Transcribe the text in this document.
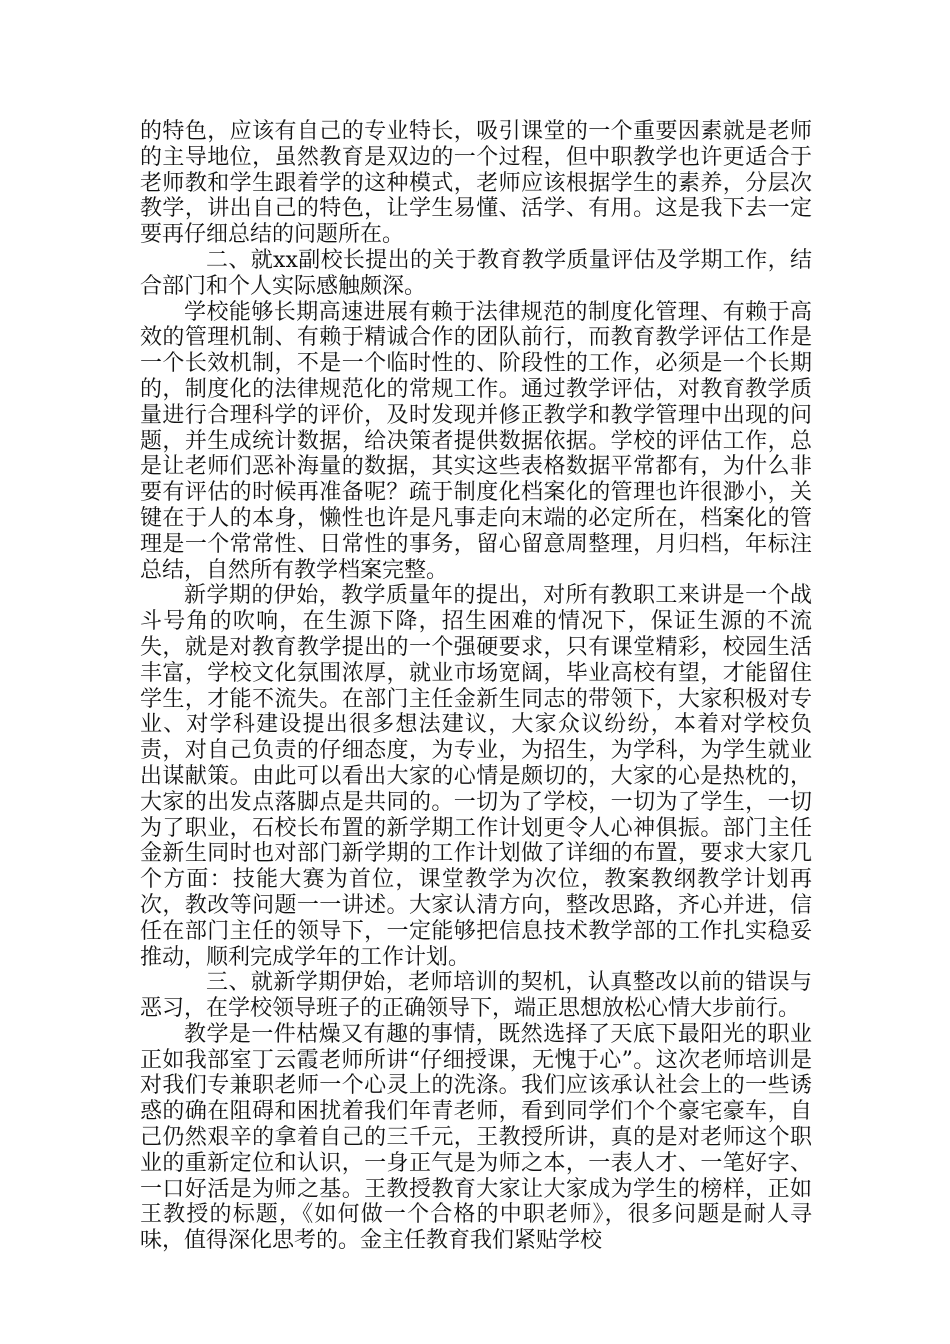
的特色，应该有自己的专业特长，吸引课堂的一个重要因素就是老师的主导地位，虽然教育是双边的一个过程，但中职教学也许更适合于老师教和学生跟着学的这种模式，老师应该根据学生的素养，分层次教学，讲出自己的特色，让学生易懂、活学、有用。这是我下去一定要再仔细总结的问题所在。

二、就xx副校长提出的关于教育教学质量评估及学期工作，结合部门和个人实际感触颇深。

学校能够长期高速进展有赖于法律规范的制度化管理、有赖于高效的管理机制、有赖于精诚合作的团队前行，而教育教学评估工作是一个长效机制，不是一个临时性的、阶段性的工作，必须是一个长期的，制度化的法律规范化的常规工作。通过教学评估，对教育教学质量进行合理科学的评价，及时发现并修正教学和教学管理中出现的问题，并生成统计数据，给决策者提供数据依据。学校的评估工作，总是让老师们恶补海量的数据，其实这些表格数据平常都有，为什么非要有评估的时候再准备呢？疏于制度化档案化的管理也许很渺小，关键在于人的本身，懒性也许是凡事走向末端的必定所在，档案化的管理是一个常常性、日常性的事务，留心留意周整理，月归档，年标注总结，自然所有教学档案完整。

新学期的伊始，教学质量年的提出，对所有教职工来讲是一个战斗号角的吹响，在生源下降，招生困难的情况下，保证生源的不流失，就是对教育教学提出的一个强硬要求，只有课堂精彩，校园生活丰富，学校文化氛围浓厚，就业市场宽阔，毕业高校有望，才能留住学生，才能不流失。在部门主任金新生同志的带领下，大家积极对专业、对学科建设提出很多想法建议，大家众议纷纷，本着对学校负责，对自己负责的仔细态度，为专业，为招生，为学科，为学生就业出谋献策。由此可以看出大家的心情是颇切的，大家的心是热枕的，大家的出发点落脚点是共同的。一切为了学校，一切为了学生，一切为了职业，石校长布置的新学期工作计划更令人心神俱振。部门主任金新生同时也对部门新学期的工作计划做了详细的布置，要求大家几个方面：技能大赛为首位，课堂教学为次位，教案教纲教学计划再次，教改等问题一一讲述。大家认清方向，整改思路，齐心并进，信任在部门主任的领导下，一定能够把信息技术教学部的工作扎实稳妥推动，顺利完成学年的工作计划。

三、就新学期伊始，老师培训的契机，认真整改以前的错误与恶习，在学校领导班子的正确领导下，端正思想放松心情大步前行。

教学是一件枯燥又有趣的事情，既然选择了天底下最阳光的职业正如我部室丁云霞老师所讲“仔细授课，无愧于心”。这次老师培训是对我们专兼职老师一个心灵上的洗涤。我们应该承认社会上的一些诱惑的确在阻碍和困扰着我们年青老师，看到同学们个个豪宅豪车，自己仍然艰辛的拿着自己的三千元，王教授所讲，真的是对老师这个职业的重新定位和认识，一身正气是为师之本，一表人才、一笔好字、一口好活是为师之基。王教授教育大家让大家成为学生的榜样，正如王教授的标题，《如何做一个合格的中职老师》，很多问题是耐人寻味，值得深化思考的。金主任教育我们紧贴学校
